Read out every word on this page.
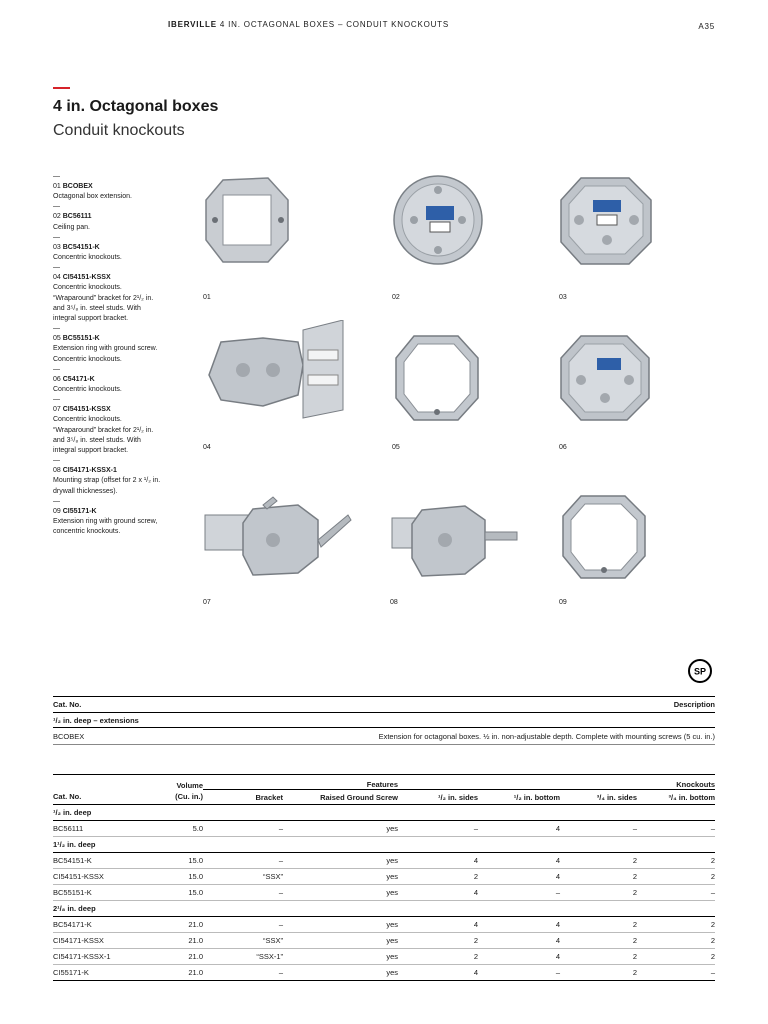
IBERVILLE 4 IN. OCTAGONAL BOXES – CONDUIT KNOCKOUTS	A35
4 in. Octagonal boxes
Conduit knockouts
—
01 BCOBEX
Octagonal box extension.
—
02 BC56111
Ceiling pan.
—
03 BC54151-K
Concentric knockouts.
—
04 CI54151-KSSX
Concentric knockouts. “Wraparound” bracket for 2¹/₂ in. and 3⁵/₈ in. steel studs. With integral support bracket.
—
05 BC55151-K
Extension ring with ground screw. Concentric knockouts.
—
06 C54171-K
Concentric knockouts.
—
07 CI54151-KSSX
Concentric knockouts. “Wraparound” bracket for 2¹/₂ in. and 3⁵/₈ in. steel studs. With integral support bracket.
—
08 CI54171-KSSX-1
Mounting strap (offset for 2 x ¹/₂ in. drywall thicknesses).
—
09 CI55171-K
Extension ring with ground screw, concentric knockouts.
01	02	03
04	05	06
07	08	09
SP
Cat. No.	Description
¹/₂ in. deep – extensions	
BCOBEX	Extension for octagonal boxes. ½ in. non-adjustable depth. Complete with mounting screws (5 cu. in.)
	Volume	Features		Knockouts			
Cat. No.	(Cu. in.)	Bracket	Raised Ground Screw	¹/₂ in. sides	¹/₂ in. bottom	³/₄ in. sides	³/₄ in. bottom
¹/₂ in. deep							
BC56111	5.0	–	yes	–	4	–	–
1¹/₂ in. deep							
BC54151-K	15.0	–	yes	4	4	2	2
CI54151-KSSX	15.0	“SSX”	yes	2	4	2	2
BC55151-K	15.0	–	yes	4	–	2	–
2¹/₈ in. deep							
BC54171-K	21.0	–	yes	4	4	2	2
CI54171-KSSX	21.0	“SSX”	yes	2	4	2	2
CI54171-KSSX-1	21.0	“SSX-1”	yes	2	4	2	2
CI55171-K	21.0	–	yes	4	–	2	–
